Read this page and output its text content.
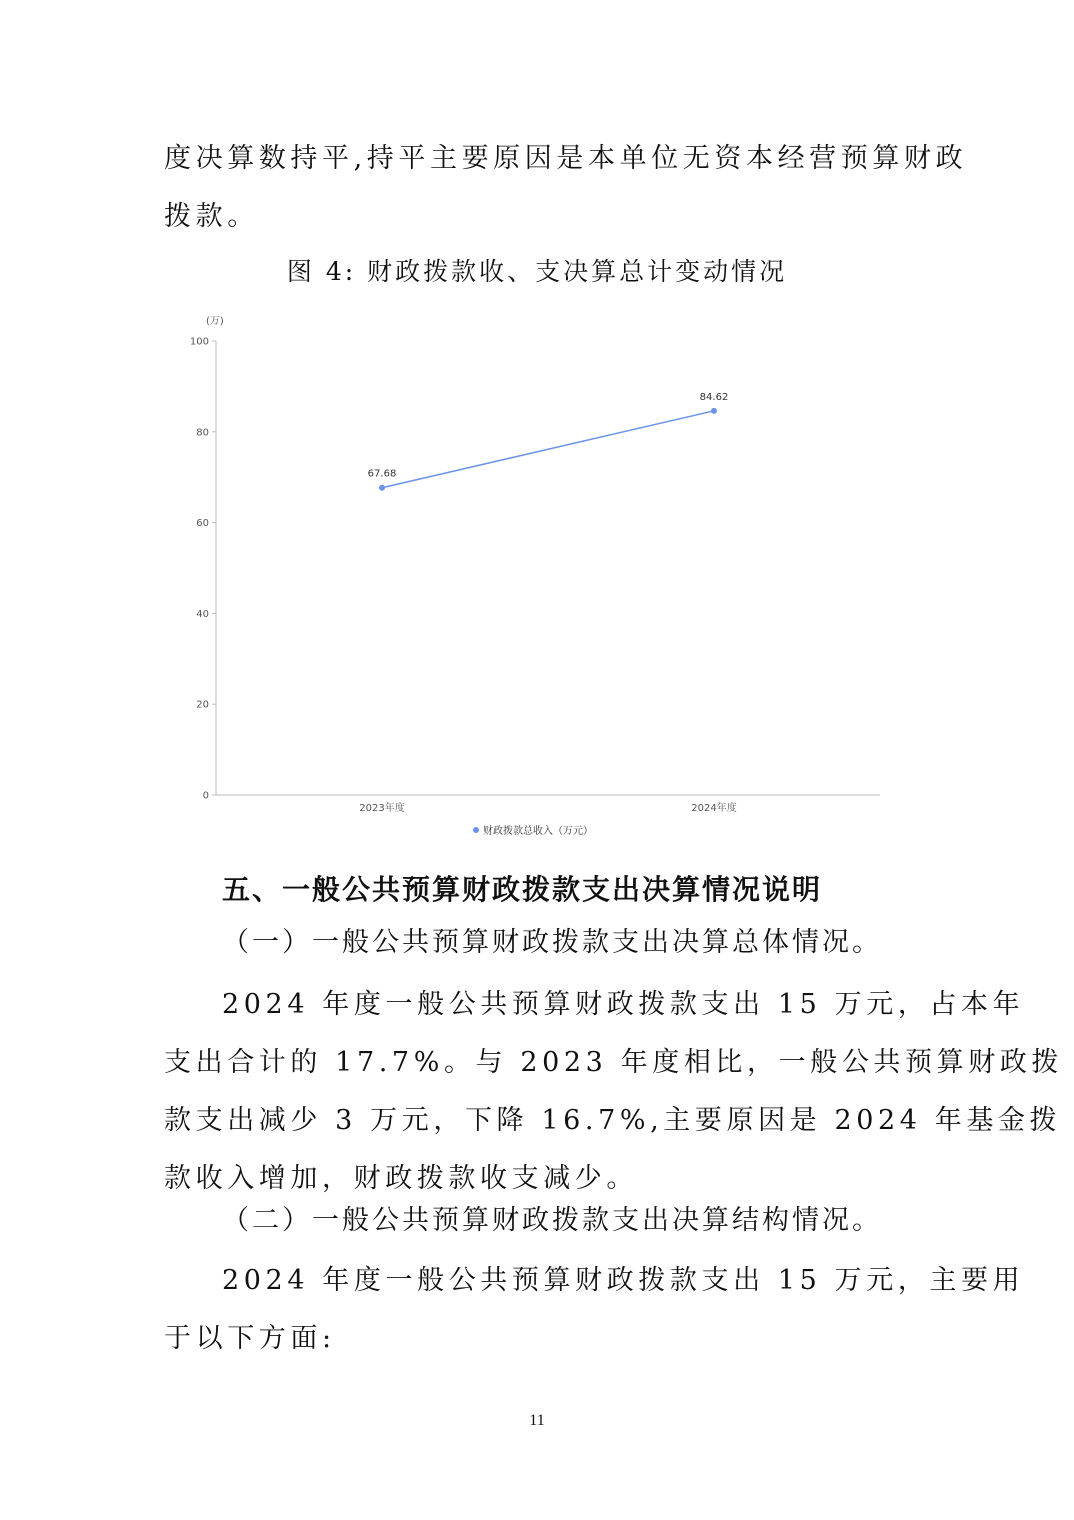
度决算数持平,持平主要原因是本单位无资本经营预算财政
拨款。

图 4: 财政拨款收、支决算总计变动情况

(万)
0
20
40
60
80
100
2023年度	2024年度
67.68
84.62
财政拨款总收入（万元）
五、一般公共预算财政拨款支出决算情况说明

（一）一般公共预算财政拨款支出决算总体情况。

2024 年度一般公共预算财政拨款支出 15 万元，占本年
支出合计的 17.7%。与 2023 年度相比，一般公共预算财政拨
款支出减少 3 万元，下降 16.7%,主要原因是 2024 年基金拨
款收入增加，财政拨款收支减少。

（二）一般公共预算财政拨款支出决算结构情况。

2024 年度一般公共预算财政拨款支出 15 万元，主要用
于以下方面:
11
